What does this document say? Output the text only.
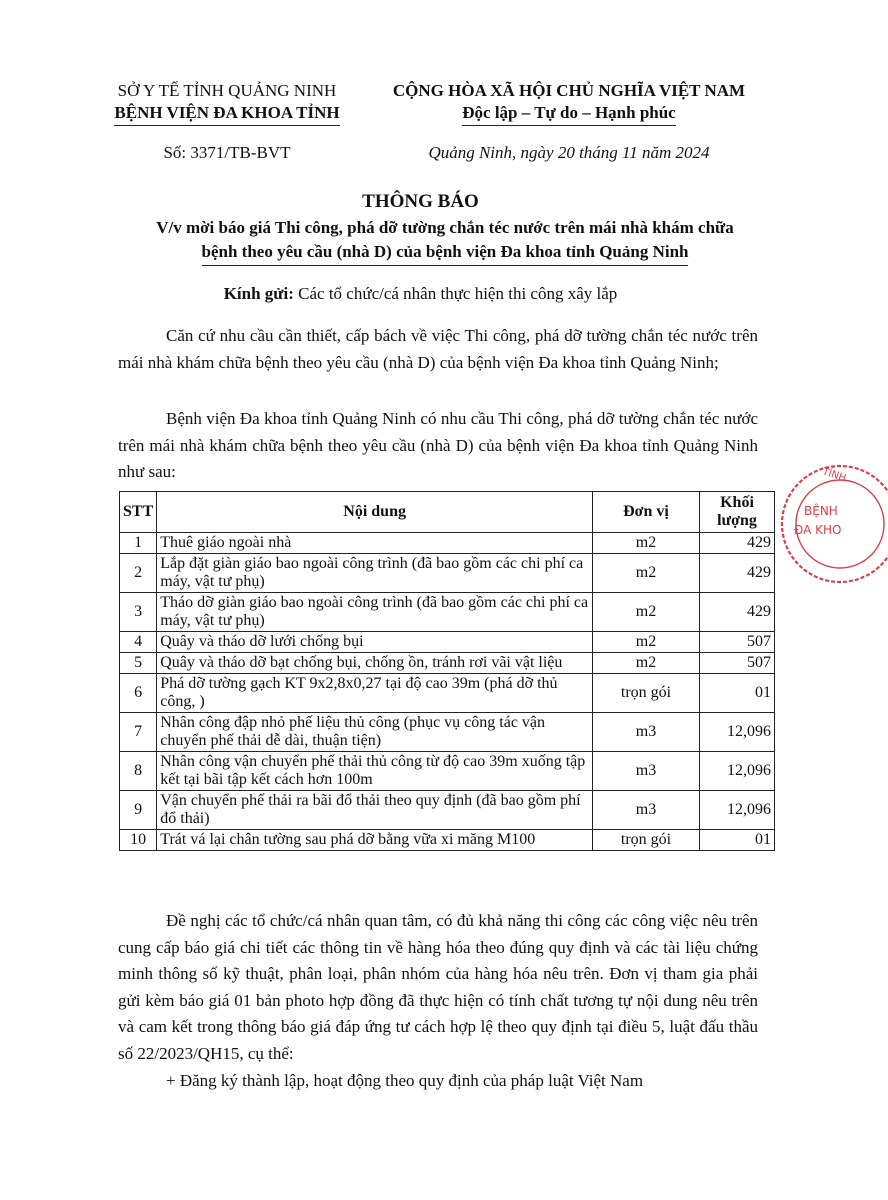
SỞ Y TẾ TỈNH QUẢNG NINH
BỆNH VIỆN ĐA KHOA TỈNH
Số: 3371/TB-BVT
CỘNG HÒA XÃ HỘI CHỦ NGHĨA VIỆT NAM
Độc lập – Tự do – Hạnh phúc
Quảng Ninh, ngày 20 tháng 11 năm 2024
THÔNG BÁO
V/v mời báo giá Thi công, phá dỡ tường chắn téc nước trên mái nhà khám chữa
bệnh theo yêu cầu (nhà D) của bệnh viện Đa khoa tỉnh Quảng Ninh
Kính gửi: Các tổ chức/cá nhân thực hiện thi công xây lắp
Căn cứ nhu cầu cần thiết, cấp bách về việc Thi công, phá dỡ tường chắn téc nước trên mái nhà khám chữa bệnh theo yêu cầu (nhà D) của bệnh viện Đa khoa tỉnh Quảng Ninh;
Bệnh viện Đa khoa tỉnh Quảng Ninh có nhu cầu Thi công, phá dỡ tường chắn téc nước trên mái nhà khám chữa bệnh theo yêu cầu (nhà D) của bệnh viện Đa khoa tỉnh Quảng Ninh như sau:
STT	Nội dung	Đơn vị	Khối lượng
1	Thuê giáo ngoài nhà	m2	429
2	Lắp đặt giàn giáo bao ngoài công trình (đã bao gồm các chi phí ca máy, vật tư phụ)	m2	429
3	Tháo dỡ giàn giáo bao ngoài công trình (đã bao gồm các chi phí ca máy, vật tư phụ)	m2	429
4	Quây và tháo dỡ lưới chống bụi	m2	507
5	Quây và tháo dỡ bạt chống bụi, chống ồn, tránh rơi vãi vật liệu	m2	507
6	Phá dỡ tường gạch KT 9x2,8x0,27 tại độ cao 39m (phá dỡ thủ công, )	trọn gói	01
7	Nhân công đập nhỏ phế liệu thủ công (phục vụ công tác vận chuyển phế thải dễ dài, thuận tiện)	m3	12,096
8	Nhân công vận chuyển phế thải thủ công từ độ cao 39m xuống tập kết tại bãi tập kết cách hơn 100m	m3	12,096
9	Vận chuyển phế thải ra bãi đổ thải theo quy định (đã bao gồm phí đổ thải)	m3	12,096
10	Trát vá lại chân tường sau phá dỡ bằng vữa xi măng M100	trọn gói	01
Đề nghị các tổ chức/cá nhân quan tâm, có đủ khả năng thi công các công việc nêu trên cung cấp báo giá chi tiết các thông tin về hàng hóa theo đúng quy định và các tài liệu chứng minh thông số kỹ thuật, phân loại, phân nhóm của hàng hóa nêu trên. Đơn vị tham gia phải gửi kèm báo giá 01 bản photo hợp đồng đã thực hiện có tính chất tương tự nội dung nêu trên và cam kết trong thông báo giá đáp ứng tư cách hợp lệ theo quy định tại điều 5, luật đấu thầu số 22/2023/QH15, cụ thể:
+ Đăng ký thành lập, hoạt động theo quy định của pháp luật Việt Nam
TỈNH
BỆNH
ĐA KHO
